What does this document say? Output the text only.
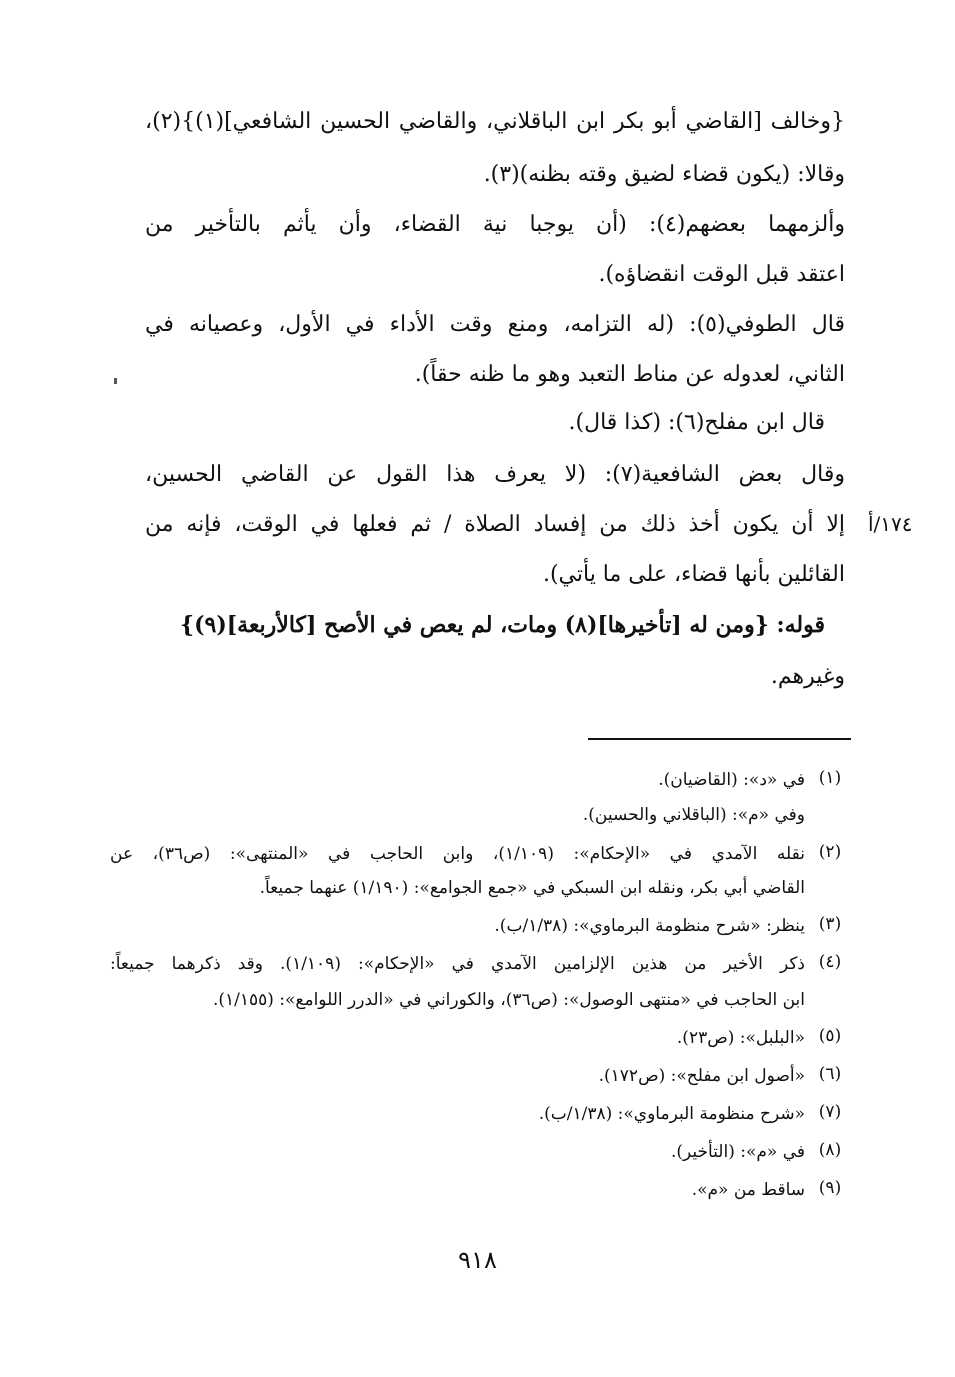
{وخالف [القاضي أبو بكر ابن الباقلاني، والقاضي الحسين الشافعي](١)}(٢)،
وقالا: (يكون قضاء لضيق وقته بظنه)(٣).
وألزمهما بعضهم(٤): (أن يوجبا نية القضاء، وأن يأثم بالتأخير من
اعتقد قبل الوقت انقضاؤه).
قال الطوفي(٥): (له التزامه، ومنع وقت الأداء في الأول، وعصيانه في
الثاني، لعدوله عن مناط التعبد وهو ما ظنه حقاً).
قال ابن مفلح(٦): (كذا قال).
وقال بعض الشافعية(٧): (لا يعرف هذا القول عن القاضي الحسين،
إلا أن يكون أخذ ذلك من إفساد الصلاة / ثم فعلها في الوقت، فإنه من
القائلين بأنها قضاء، على ما يأتي).
قوله: {ومن له [تأخيرها](٨) ومات، لم يعص في الأصح [كالأربعة](٩)}
وغيرهم.
١٧٤/أ
(١)
في «د»: (القاضيان).
وفي «م»: (الباقلاني والحسين).
(٢)
نقله الآمدي في «الإحكام»: (١/١٠٩)، وابن الحاجب في «المنتهى»: (ص٣٦)، عن
القاضي أبي بكر، ونقله ابن السبكي في «جمع الجوامع»: (١/١٩٠) عنهما جميعاً.
(٣)
ينظر: «شرح منظومة البرماوي»: (١/٣٨/ب).
(٤)
ذكر الأخير من هذين الإلزامين الآمدي في «الإحكام»: (١/١٠٩). وقد ذكرهما جميعاً:
ابن الحاجب في «منتهى الوصول»: (ص٣٦)، والكوراني في «الدرر اللوامع»: (١/١٥٥).
(٥)
«البلبل»: (ص٢٣).
(٦)
«أصول ابن مفلح»: (ص١٧٢).
(٧)
«شرح منظومة البرماوي»: (١/٣٨/ب).
(٨)
في «م»: (التأخير).
(٩)
ساقط من «م».
٩١٨
